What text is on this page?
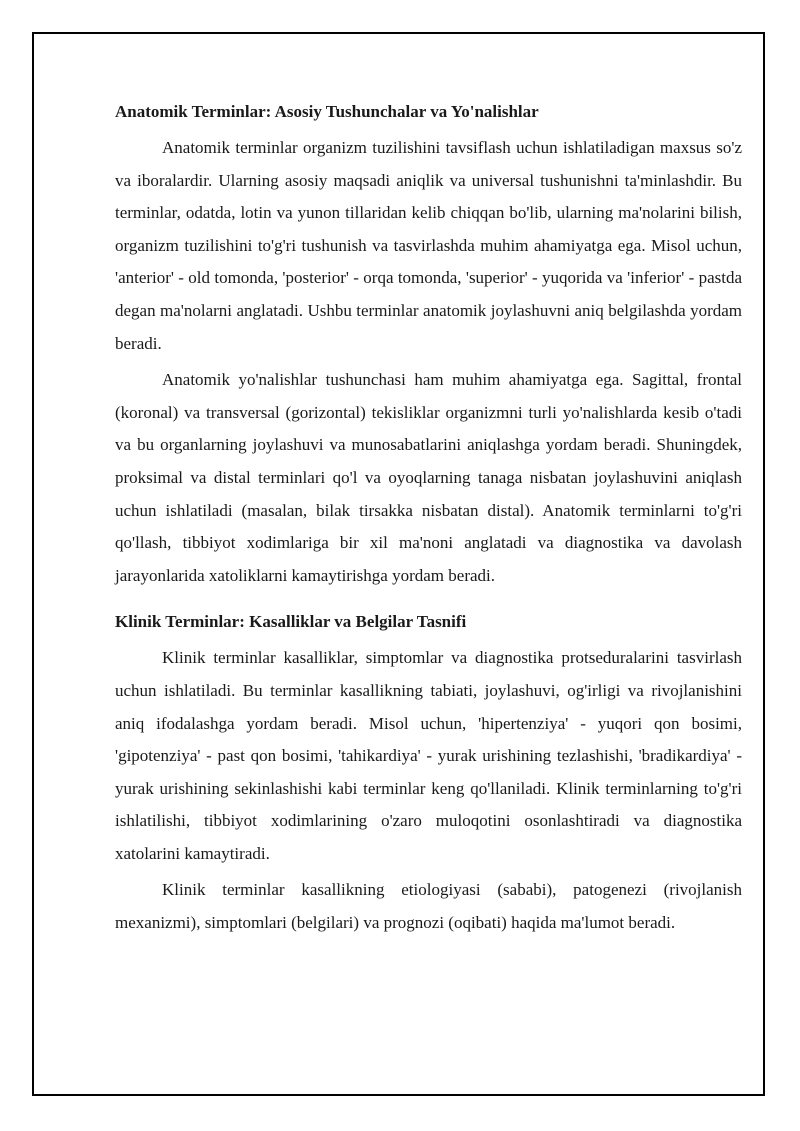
Anatomik Terminlar: Asosiy Tushunchalar va Yo'nalishlar

Anatomik terminlar organizm tuzilishini tavsiflash uchun ishlatiladigan maxsus so'z va iboralardir. Ularning asosiy maqsadi aniqlik va universal tushunishni ta'minlashdir. Bu terminlar, odatda, lotin va yunon tillaridan kelib chiqqan bo'lib, ularning ma'nolarini bilish, organizm tuzilishini to'g'ri tushunish va tasvirlashda muhim ahamiyatga ega. Misol uchun, 'anterior' - old tomonda, 'posterior' - orqa tomonda, 'superior' - yuqorida va 'inferior' - pastda degan ma'nolarni anglatadi. Ushbu terminlar anatomik joylashuvni aniq belgilashda yordam beradi.

Anatomik yo'nalishlar tushunchasi ham muhim ahamiyatga ega. Sagittal, frontal (koronal) va transversal (gorizontal) tekisliklar organizmni turli yo'nalishlarda kesib o'tadi va bu organlarning joylashuvi va munosabatlarini aniqlashga yordam beradi. Shuningdek, proksimal va distal terminlari qo'l va oyoqlarning tanaga nisbatan joylashuvini aniqlash uchun ishlatiladi (masalan, bilak tirsakka nisbatan distal). Anatomik terminlarni to'g'ri qo'llash, tibbiyot xodimlariga bir xil ma'noni anglatadi va diagnostika va davolash jarayonlarida xatoliklarni kamaytirishga yordam beradi.

Klinik Terminlar: Kasalliklar va Belgilar Tasnifi

Klinik terminlar kasalliklar, simptomlar va diagnostika protseduralarini tasvirlash uchun ishlatiladi. Bu terminlar kasallikning tabiati, joylashuvi, og'irligi va rivojlanishini aniq ifodalashga yordam beradi. Misol uchun, 'hipertenziya' - yuqori qon bosimi, 'gipotenziya' - past qon bosimi, 'tahikardiya' - yurak urishining tezlashishi, 'bradikardiya' - yurak urishining sekinlashishi kabi terminlar keng qo'llaniladi. Klinik terminlarning to'g'ri ishlatilishi, tibbiyot xodimlarining o'zaro muloqotini osonlashtiradi va diagnostika xatolarini kamaytiradi.

Klinik terminlar kasallikning etiologiyasi (sababi), patogenezi (rivojlanish mexanizmi), simptomlari (belgilari) va prognozi (oqibati) haqida ma'lumot beradi.
